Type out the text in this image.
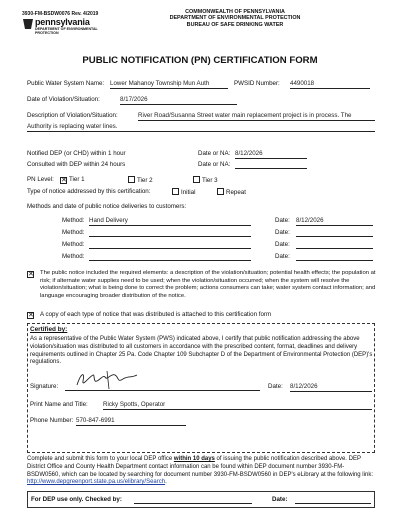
3930-FM-BSDW0076 Rev. 4/2019
pennsylvania
DEPARTMENT OF ENVIRONMENTAL
PROTECTION
COMMONWEALTH OF PENNSYLVANIA
DEPARTMENT OF ENVIRONMENTAL PROTECTION
BUREAU OF SAFE DRINKING WATER
PUBLIC NOTIFICATION (PN) CERTIFICATION FORM
Public Water System Name: Lower Mahanoy Township Mun Auth	PWSID Number: 4490018
Date of Violation/Situation:	8/17/2026
Description of Violation/Situation:	River Road/Susanna Street water main replacement project is in process. The
Authority is replacing water lines.
Notified DEP (or CHD) within 1 hour	Date or NA: 8/12/2026
Consulted with DEP within 24 hours	Date or NA:
PN Level: ✕ Tier 1	Tier 2	Tier 3
Type of notice addressed by this certification:	Initial	Repeat
Methods and date of public notice deliveries to customers:
Method: Hand Delivery	Date: 8/12/2026
Method:	Date:
Method:	Date:
Method:	Date:
✕	The public notice included the required elements: a description of the violation/situation; potential health effects; the population at risk; if alternate water supplies need to be used; when the violation/situation occurred; when the system will resolve the violation/situation; what is being done to correct the problem; actions consumers can take; water system contact information; and language encouraging broader distribution of the notice.
✕ A copy of each type of notice that was distributed is attached to this certification form
Certified by:
As a representative of the Public Water System (PWS) indicated above, I certify that public notification addressing the above violation/situation was distributed to all customers in accordance with the prescribed content, format, deadlines and delivery requirements outlined in Chapter 25 Pa. Code Chapter 109 Subchapter D of the Department of Environmental Protection (DEP)'s regulations.
Signature:	Date: 8/12/2026
Print Name and Title: Ricky Spotts, Operator
Phone Number: 570-847-6991
Complete and submit this form to your local DEP office within 10 days of issuing the public notification described above. DEP District Office and County Health Department contact information can be found within DEP document number 3930-FM-BSDW0560, which can be located by searching for document number 3930-FM-BSDW0560 in DEP's eLibrary at the following link: http://www.depgreenport.state.pa.us/elibrary/Search.
For DEP use only. Checked by:	Date:
